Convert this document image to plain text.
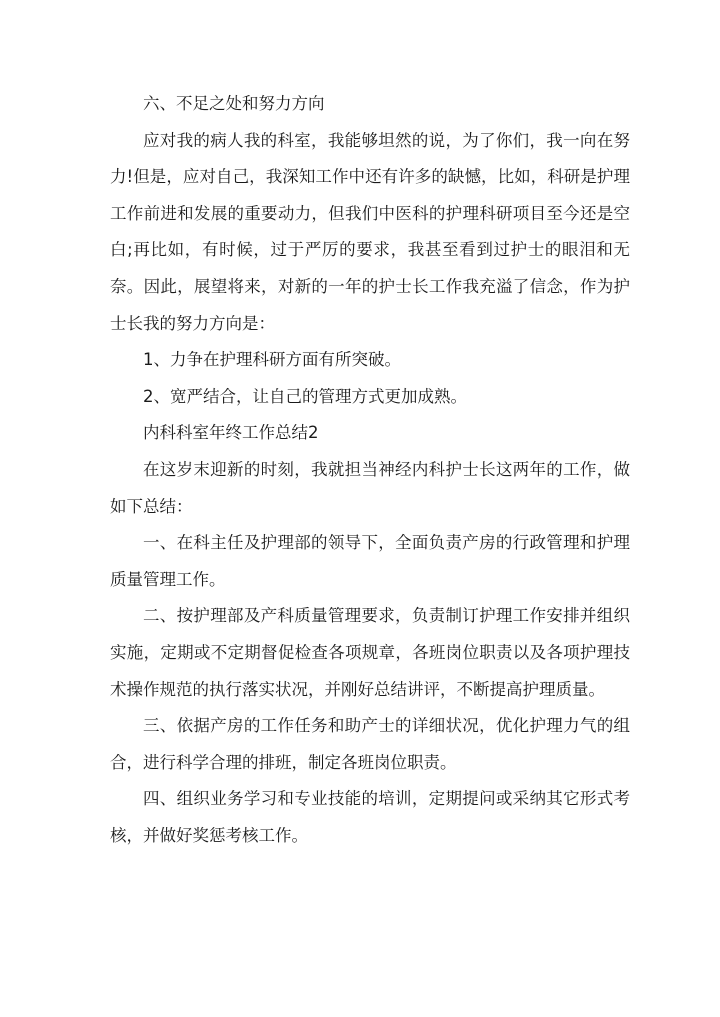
六、不足之处和努力方向

应对我的病人我的科室，我能够坦然的说，为了你们，我一向在努力!但是，应对自己，我深知工作中还有许多的缺憾，比如，科研是护理工作前进和发展的重要动力，但我们中医科的护理科研项目至今还是空白;再比如，有时候，过于严厉的要求，我甚至看到过护士的眼泪和无奈。因此，展望将来，对新的一年的护士长工作我充溢了信念，作为护士长我的努力方向是：

1、力争在护理科研方面有所突破。

2、宽严结合，让自己的管理方式更加成熟。

内科科室年终工作总结2

在这岁末迎新的时刻，我就担当神经内科护士长这两年的工作，做如下总结：

一、在科主任及护理部的领导下，全面负责产房的行政管理和护理质量管理工作。

二、按护理部及产科质量管理要求，负责制订护理工作安排并组织实施，定期或不定期督促检查各项规章，各班岗位职责以及各项护理技术操作规范的执行落实状况，并刚好总结讲评，不断提高护理质量。

三、依据产房的工作任务和助产士的详细状况，优化护理力气的组合，进行科学合理的排班，制定各班岗位职责。

四、组织业务学习和专业技能的培训，定期提问或采纳其它形式考核，并做好奖惩考核工作。
